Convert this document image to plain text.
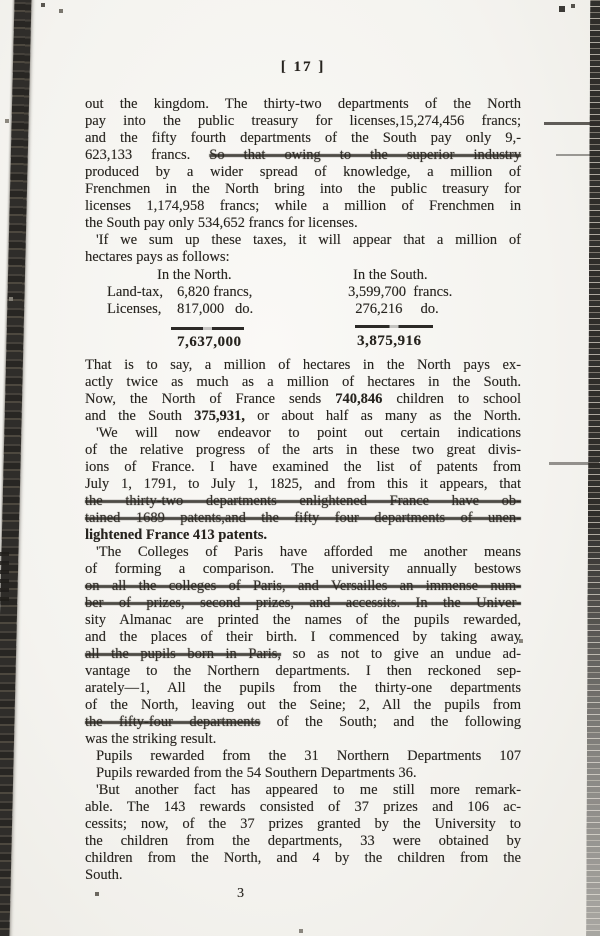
[ 17 ]
out the kingdom. The thirty-two departments of the North
pay into the public treasury for licenses,15,274,456 francs;
and the fifty fourth departments of the South pay only 9,-
623,133 francs. So that owing to the superior industry
produced by a wider spread of knowledge, a million of
Frenchmen in the North bring into the public treasury for
licenses 1,174,958 francs; while a million of Frenchmen in
the South pay only 534,652 francs for licenses.
'If we sum up these taxes, it will appear that a million of
hectares pays as follows:
In the North.	In the South.
Land-tax, 6,820 francs,	3,599,700  francs.
Licenses, 817,000   do.	276,216     do.
7,637,000	3,875,916
That is to say, a million of hectares in the North pays ex-
actly twice as much as a million of hectares in the South.
Now, the North of France sends 740,846 children to school
and the South 375,931, or about half as many as the North.
'We will now endeavor to point out certain indications
of the relative progress of the arts in these two great divis-
ions of France. I have examined the list of patents from
July 1, 1791, to July 1, 1825, and from this it appears, that
the thirty-two departments enlightened France have ob-
tained 1689 patents,and the fifty four departments of unen-
lightened France 413 patents.
'The Colleges of Paris have afforded me another means
of forming a comparison. The university annually bestows
on all the colleges of Paris, and Versailles an immense num-
ber of prizes, second prizes, and accessits. In the Univer-
sity Almanac are printed the names of the pupils rewarded,
and the places of their birth. I commenced by taking away
all the pupils born in Paris, so as not to give an undue ad-
vantage to the Northern departments. I then reckoned sep-
arately—1, All the pupils from the thirty-one departments
of the North, leaving out the Seine; 2, All the pupils from
the fifty-four departments of the South; and the following
was the striking result.
Pupils rewarded from the 31 Northern Departments 107
Pupils rewarded from the 54 Southern Departments 36.
'But another fact has appeared to me still more remark-
able. The 143 rewards consisted of 37 prizes and 106 ac-
cessits; now, of the 37 prizes granted by the University to
the children from the departments, 33 were obtained by
children from the North, and 4 by the children from the
South.
3
